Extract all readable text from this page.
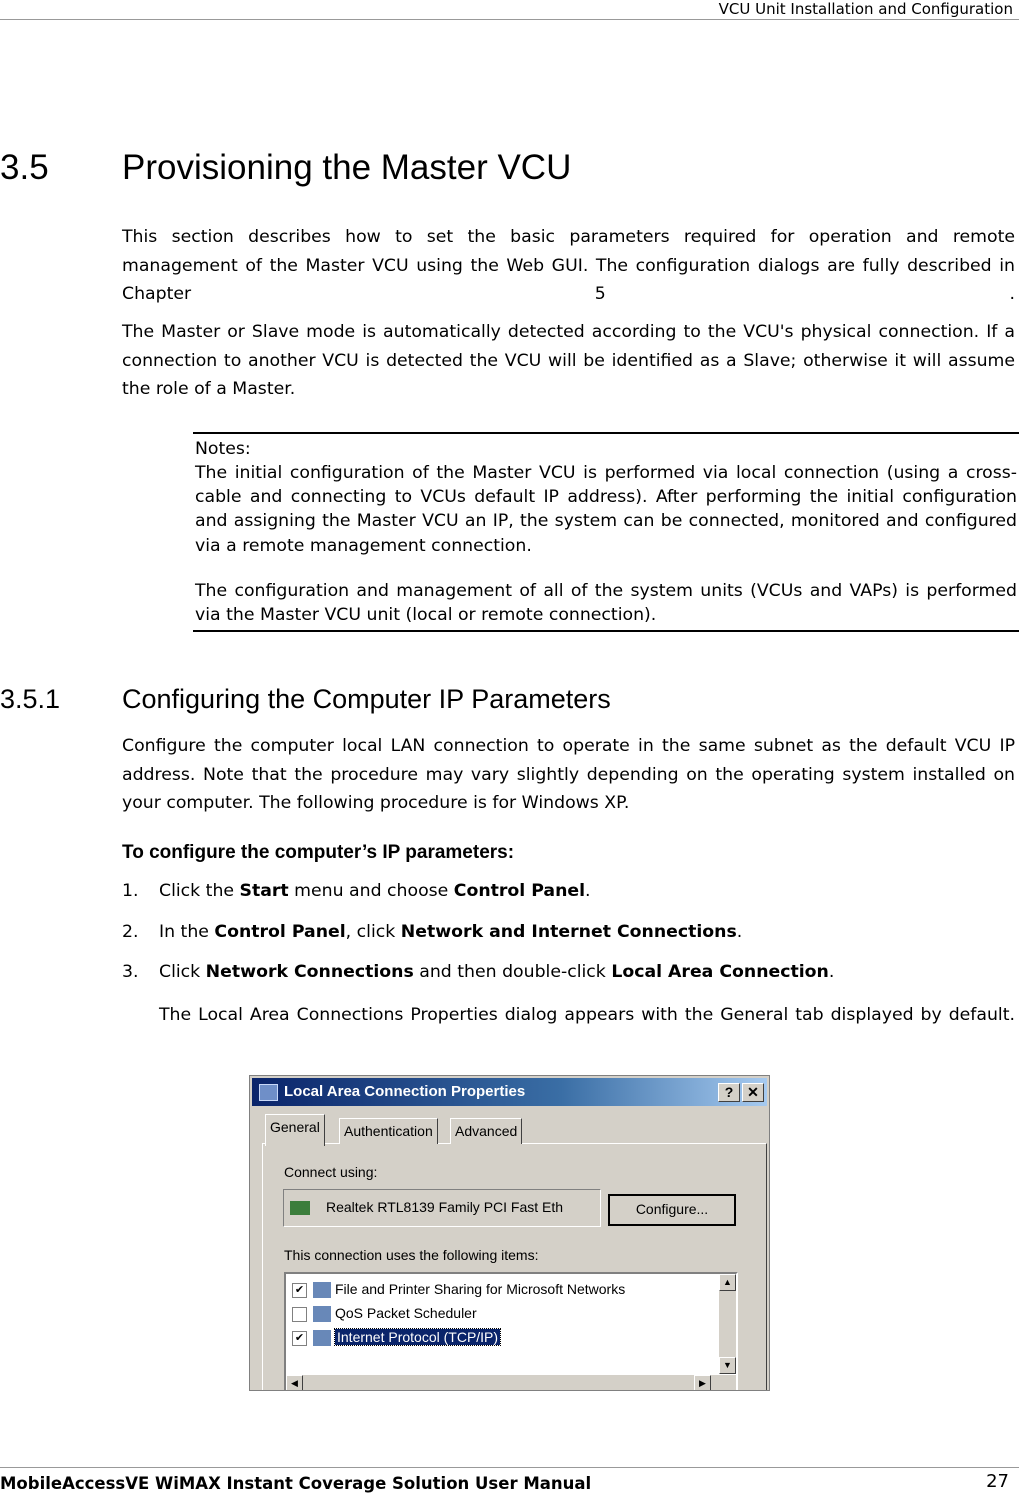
VCU Unit Installation and Configuration
3.5 Provisioning the Master VCU
This section describes how to set the basic parameters required for operation and remote management of the Master VCU using the Web GUI. The configuration dialogs are fully described in Chapter 5 .
The Master or Slave mode is automatically detected according to the VCU's physical connection. If a connection to another VCU is detected the VCU will be identified as a Slave; otherwise it will assume the role of a Master.
Notes:
The initial configuration of the Master VCU is performed via local connection (using a cross-cable and connecting to VCUs default IP address). After performing the initial configuration and assigning the Master VCU an IP, the system can be connected, monitored and configured via a remote management connection.
The configuration and management of all of the system units (VCUs and VAPs) is performed via the Master VCU unit (local or remote connection).
3.5.1 Configuring the Computer IP Parameters
Configure the computer local LAN connection to operate in the same subnet as the default VCU IP address. Note that the procedure may vary slightly depending on the operating system installed on your computer. The following procedure is for Windows XP.
To configure the computer’s IP parameters:
1. Click the Start menu and choose Control Panel.
2. In the Control Panel, click Network and Internet Connections.
3. Click Network Connections and then double-click Local Area Connection.
The Local Area Connections Properties dialog appears with the General tab displayed by default.
Local Area Connection Properties	? ✕
General	Authentication	Advanced
Connect using:
Realtek RTL8139 Family PCI Fast Eth	Configure...
This connection uses the following items:
✔ File and Printer Sharing for Microsoft Networks
QoS Packet Scheduler
✔ Internet Protocol (TCP/IP)
▲
▼
◀	▶
MobileAccessVE WiMAX Instant Coverage Solution User Manual	27
